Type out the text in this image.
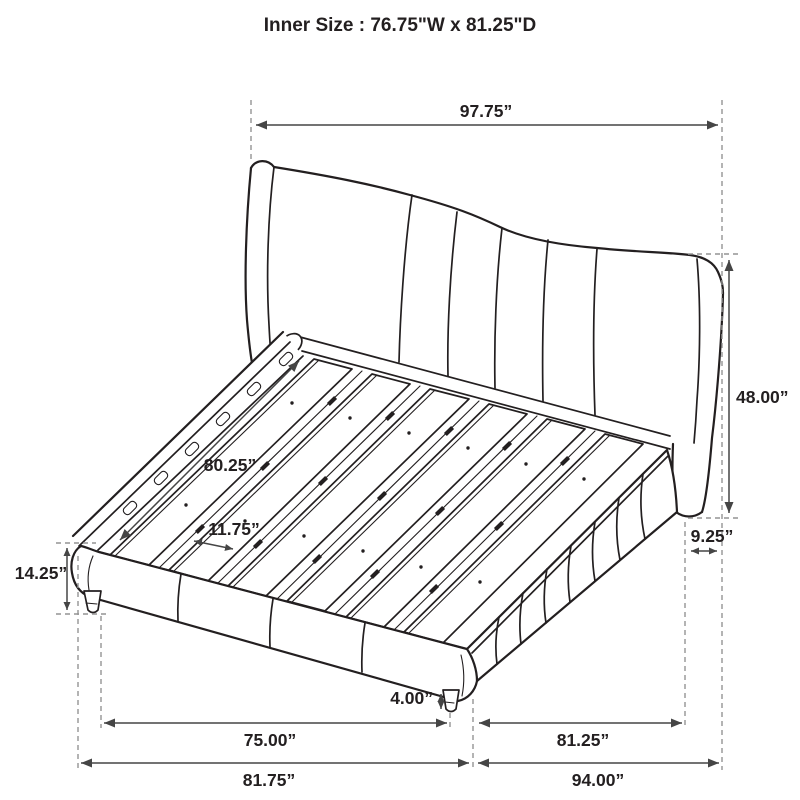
Inner Size : 76.75"W x 81.25"D
97.75”
48.00”
9.25”
14.25”
80.25”
11.75”
4.00”
75.00”	81.25”
81.75”	94.00”
